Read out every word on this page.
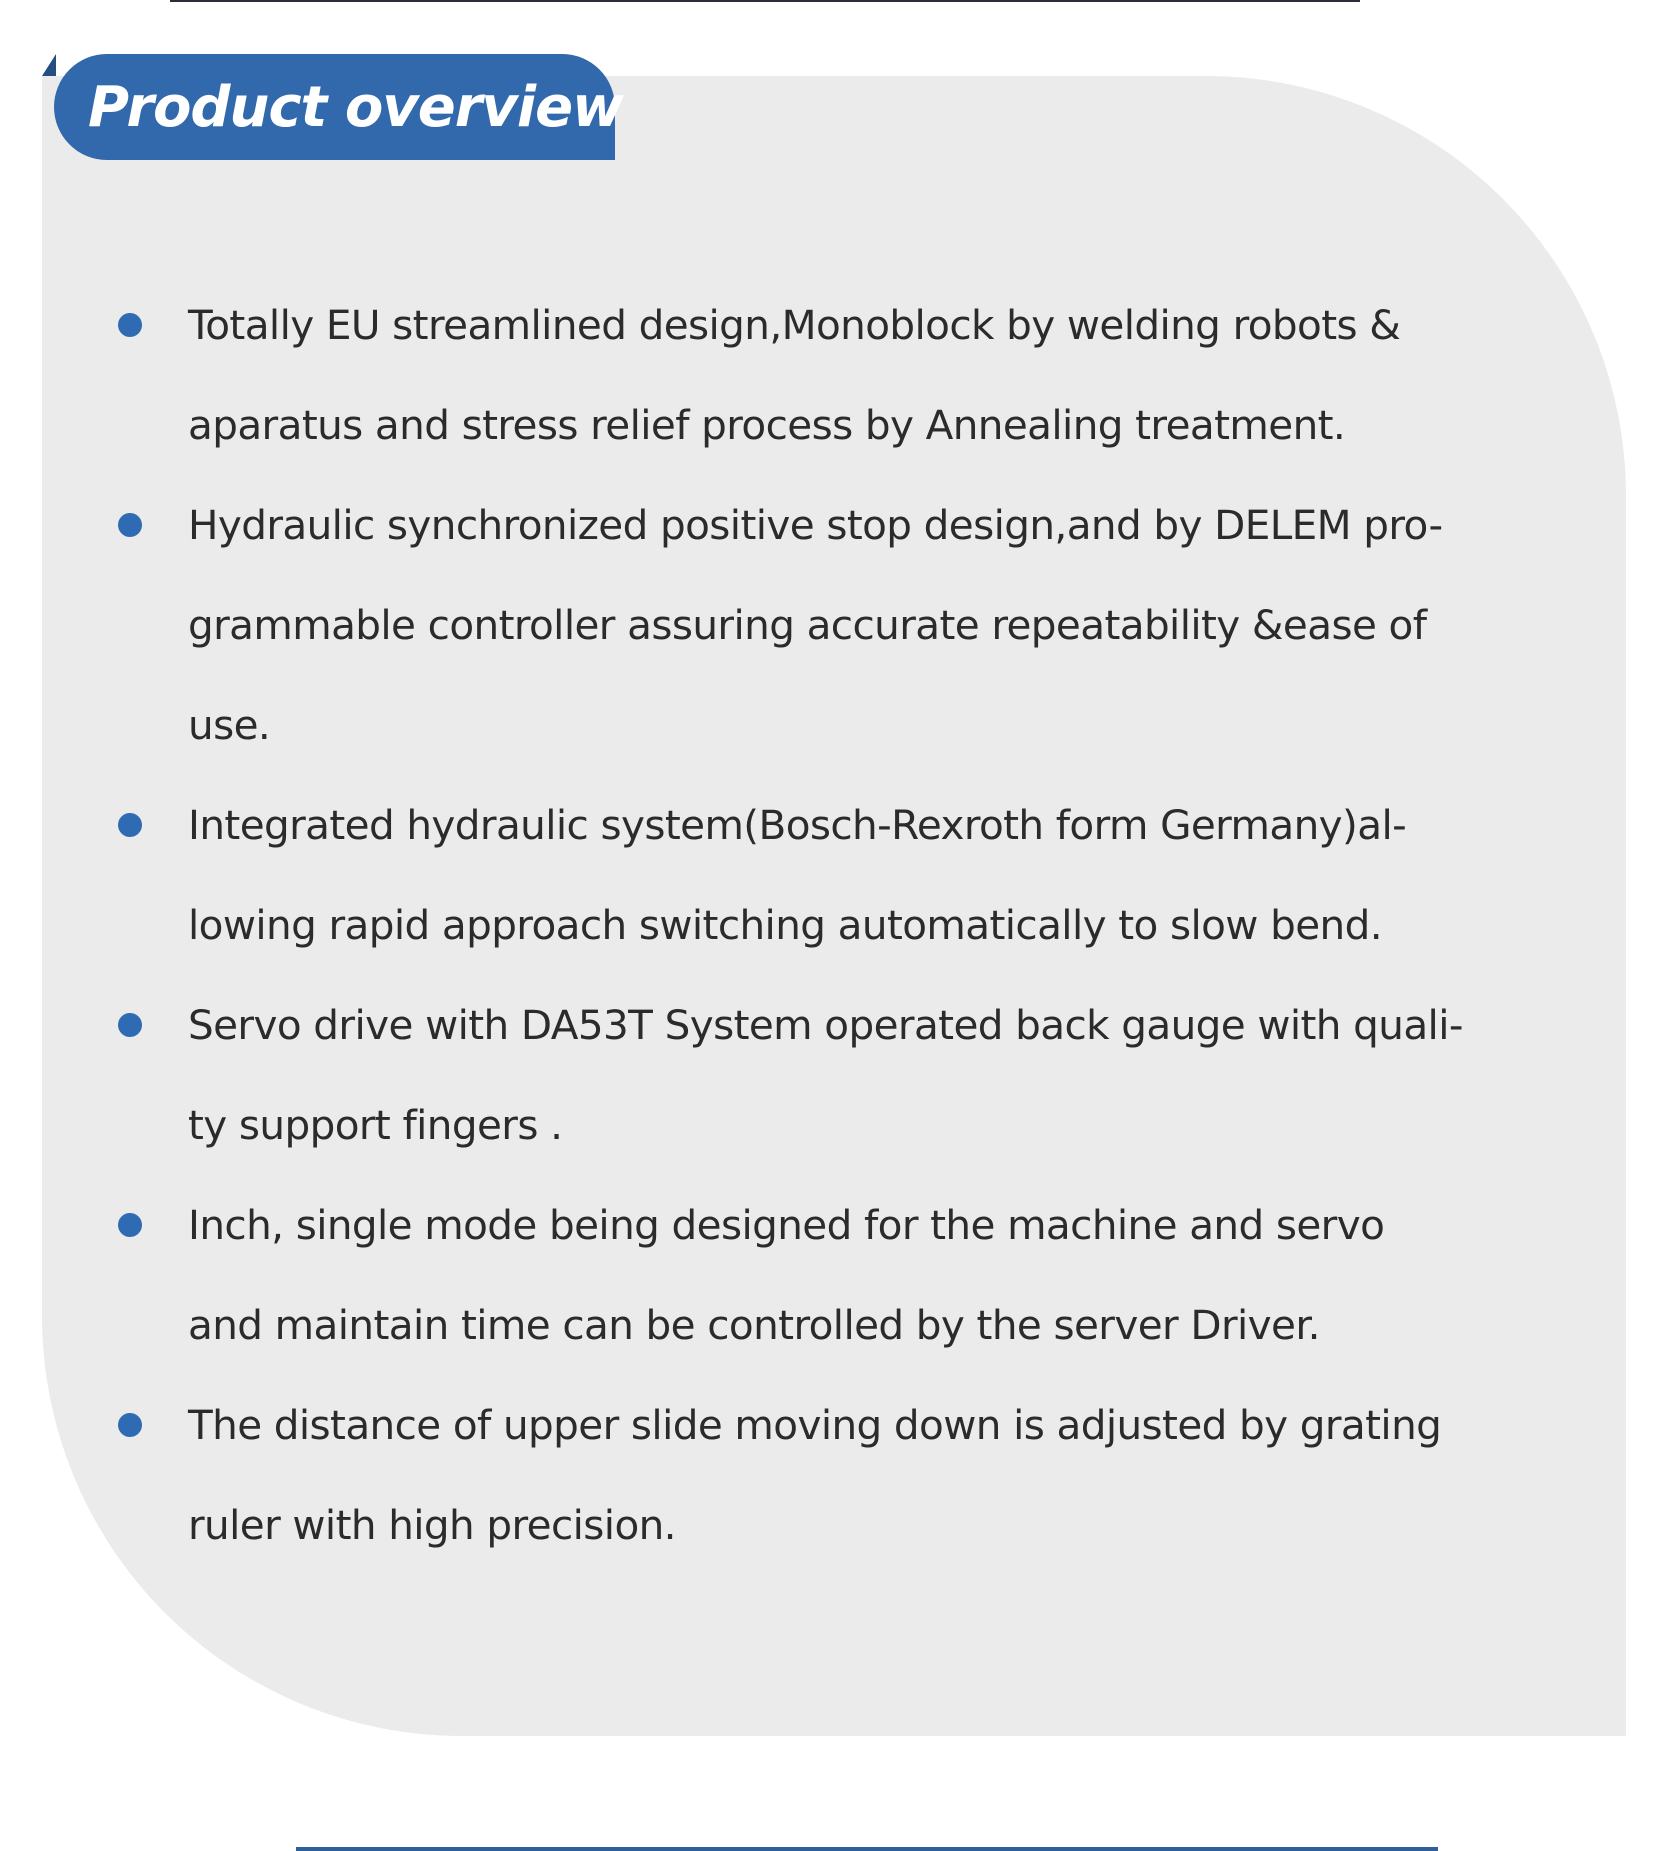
Product overview
Totally EU streamlined design,Monoblock by welding robots &
aparatus and stress relief process by Annealing treatment.
Hydraulic synchronized positive stop design,and by DELEM pro-
grammable controller assuring accurate repeatability &ease of
use.
Integrated hydraulic system(Bosch-Rexroth form Germany)al-
lowing rapid approach switching automatically to slow bend.
Servo drive with DA53T System operated back gauge with quali-
ty support fingers .
Inch, single mode being designed for the machine and servo
and maintain time can be controlled by the server Driver.
The distance of upper slide moving down is adjusted by grating
ruler with high precision.
